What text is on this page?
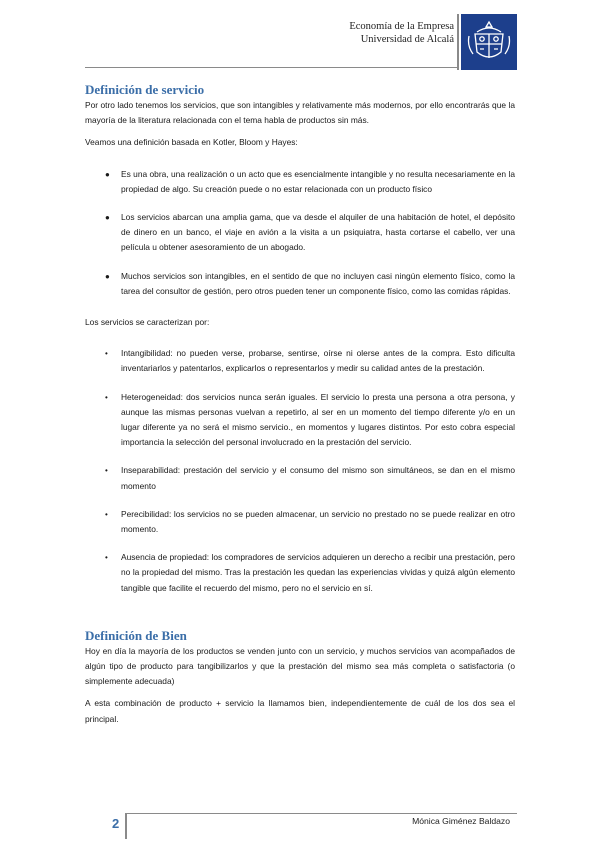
Economía de la Empresa
Universidad de Alcalá
Definición de servicio

Por otro lado tenemos los servicios, que son intangibles y relativamente más modernos, por ello encontrarás que la mayoría de la literatura relacionada con el tema habla de productos sin más.

Veamos una definición basada en Kotler, Bloom y Hayes:

● Es una obra, una realización o un acto que es esencialmente intangible y no resulta necesariamente en la propiedad de algo. Su creación puede o no estar relacionada con un producto físico
● Los servicios abarcan una amplia gama, que va desde el alquiler de una habitación de hotel, el depósito de dinero en un banco, el viaje en avión a la visita a un psiquiatra, hasta cortarse el cabello, ver una película u obtener asesoramiento de un abogado.
● Muchos servicios son intangibles, en el sentido de que no incluyen casi ningún elemento físico, como la tarea del consultor de gestión, pero otros pueden tener un componente físico, como las comidas rápidas.

Los servicios se caracterizan por:

• Intangibilidad: no pueden verse, probarse, sentirse, oírse ni olerse antes de la compra. Esto dificulta inventariarlos y patentarlos, explicarlos o representarlos y medir su calidad antes de la prestación.
• Heterogeneidad: dos servicios nunca serán iguales. El servicio lo presta una persona a otra persona, y aunque las mismas personas vuelvan a repetirlo, al ser en un momento del tiempo diferente y/o en un lugar diferente ya no será el mismo servicio., en momentos y lugares distintos. Por esto cobra especial importancia la selección del personal involucrado en la prestación del servicio.
• Inseparabilidad: prestación del servicio y el consumo del mismo son simultáneos, se dan en el mismo momento
• Perecibilidad: los servicios no se pueden almacenar, un servicio no prestado no se puede realizar en otro momento.
• Ausencia de propiedad: los compradores de servicios adquieren un derecho a recibir una prestación, pero no la propiedad del mismo. Tras la prestación les quedan las experiencias vividas y quizá algún elemento tangible que facilite el recuerdo del mismo, pero no el servicio en sí.
Definición de Bien

Hoy en día la mayoría de los productos se venden junto con un servicio, y muchos servicios van acompañados de algún tipo de producto para tangibilizarlos y que la prestación del mismo sea más completa o satisfactoria (o simplemente adecuada)

A esta combinación de producto + servicio la llamamos bien, independientemente de cuál de los dos sea el principal.

2	Mónica Giménez Baldazo
